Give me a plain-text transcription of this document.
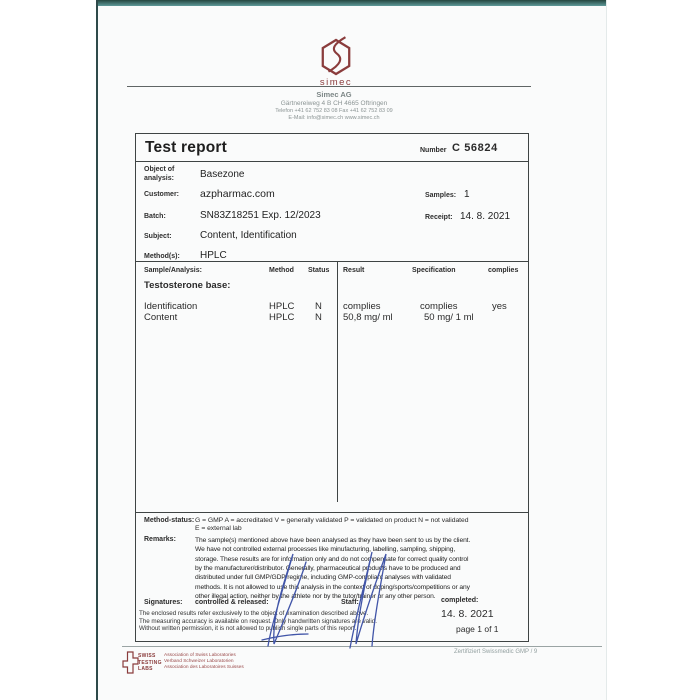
simec
Simec AG
Gärtnereiweg 4 B CH 4665 Oftringen
Telefon +41 62 752 83 08 Fax +41 62 752 83 09
E-Mail: info@simec.ch www.simec.ch
Test report	Number C 56824
Object of analysis:	Basezone
Customer: azpharmac.com	Samples: 1
Batch:	SN83Z18251 Exp. 12/2023	Receipt: 14. 8. 2021
Subject:	Content, Identification
Method(s): HPLC
Sample/Analysis:	Method Status Result	Specification	complies
Testosterone base:
Identification	HPLC N complies	complies	yes
Content	HPLC N 50,8 mg/ ml	50 mg/ 1 ml
Method-status: G = GMP A = accreditated V = generally validated P = validated on product N = not validated
E = external lab
Remarks:	The sample(s) mentioned above have been analysed as they have been sent to us by the client.
We have not controlled external processes like minufacturing, labelling, sampling, shipping,
storage. These results are for information only and do not compensate for correct quality control
by the manufacturer/distributor. Generally, pharmaceutical products have to be produced and
distributed under full GMP/GDP regime, including GMP-compliant analyses with validated
methods. It is not allowed to use this analysis in the context of doping/sports/competitions or any
other illegal action, neither by the athlete nor by the tutor/trainer or any other person.
Signatures: controlled & released:	Staff:	completed:
14. 8. 2021
page 1 of 1
The enclosed results refer exclusively to the object of examination described above.
The measuring accuracy is available on request. Only handwritten signatures are valid.
Without written permission, it is not allowed to publish single parts of this report.
SWISS
TESTING
LABS
Association of Swiss Laboratories
Verband Schweizer Laboratorien
Association des Laboratoires Suisses
Zertifiziert Swissmedic GMP / 9
